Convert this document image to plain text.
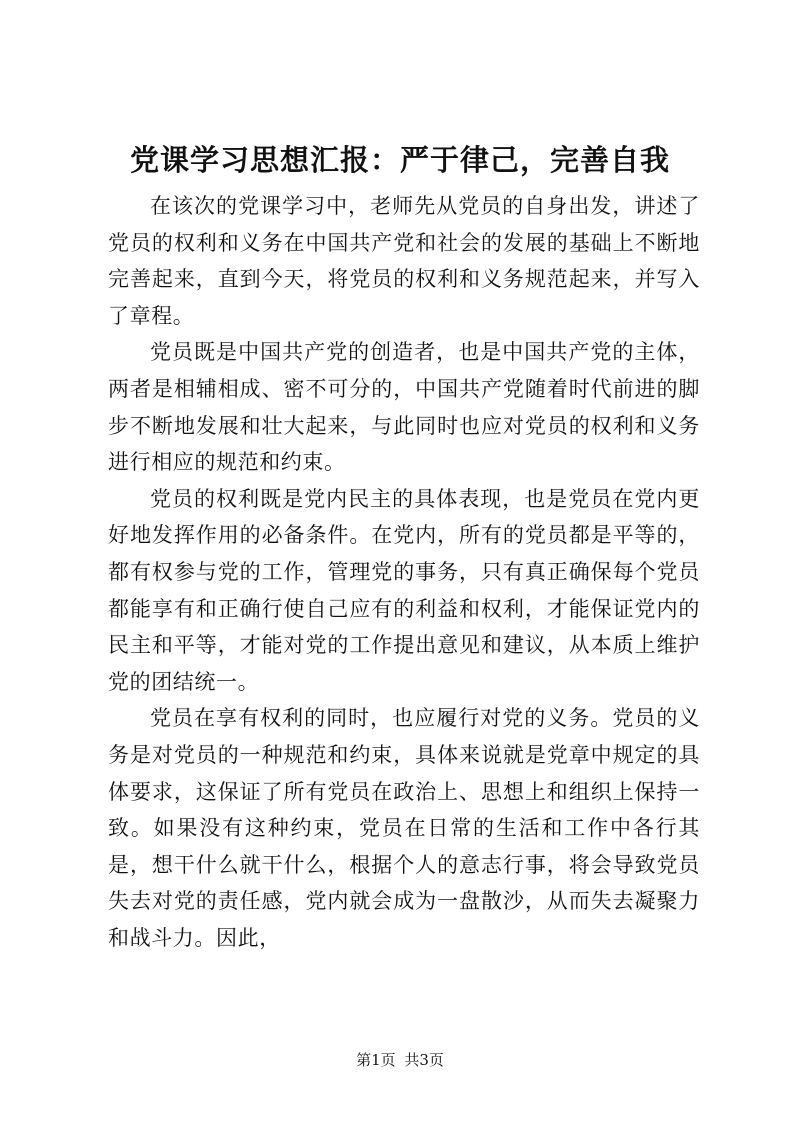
党课学习思想汇报：严于律己，完善自我

在该次的党课学习中，老师先从党员的自身出发，讲述了党员的权利和义务在中国共产党和社会的发展的基础上不断地完善起来，直到今天，将党员的权利和义务规范起来，并写入了章程。

党员既是中国共产党的创造者，也是中国共产党的主体，两者是相辅相成、密不可分的，中国共产党随着时代前进的脚步不断地发展和壮大起来，与此同时也应对党员的权利和义务进行相应的规范和约束。

党员的权利既是党内民主的具体表现，也是党员在党内更好地发挥作用的必备条件。在党内，所有的党员都是平等的，都有权参与党的工作，管理党的事务，只有真正确保每个党员都能享有和正确行使自己应有的利益和权利，才能保证党内的民主和平等，才能对党的工作提出意见和建议，从本质上维护党的团结统一。

党员在享有权利的同时，也应履行对党的义务。党员的义务是对党员的一种规范和约束，具体来说就是党章中规定的具体要求，这保证了所有党员在政治上、思想上和组织上保持一致。如果没有这种约束，党员在日常的生活和工作中各行其是，想干什么就干什么，根据个人的意志行事，将会导致党员失去对党的责任感，党内就会成为一盘散沙，从而失去凝聚力和战斗力。因此，

第1页 共3页
